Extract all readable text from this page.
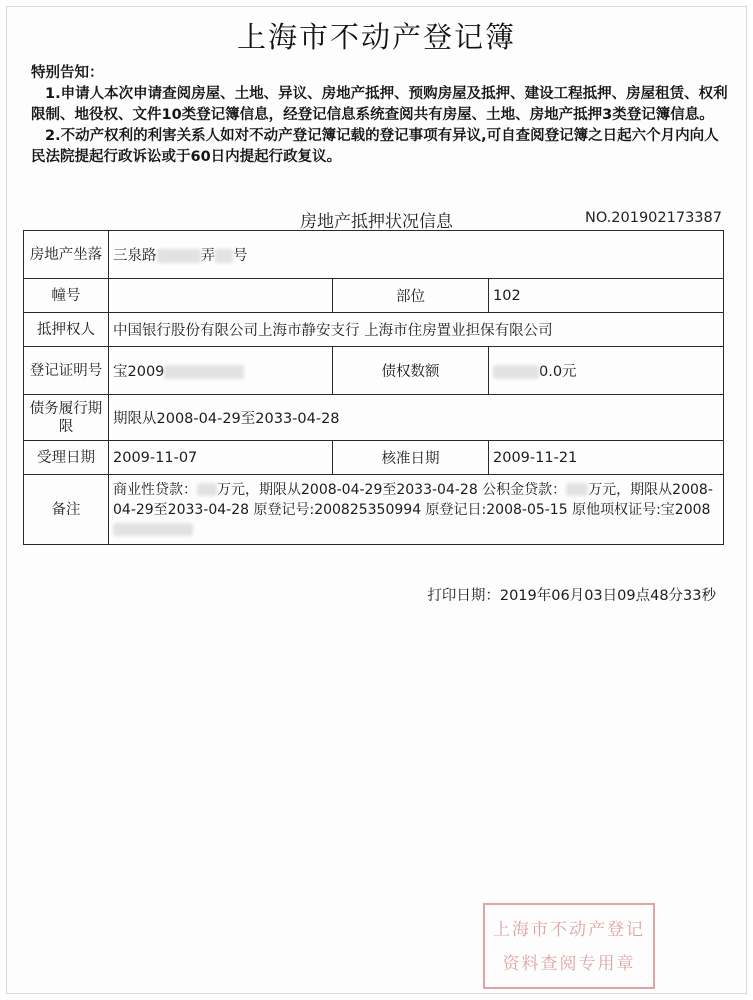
上海市不动产登记簿
特别告知：
1.申请人本次申请查阅房屋、土地、异议、房地产抵押、预购房屋及抵押、建设工程抵押、房屋租赁、权利限制、地役权、文件10类登记簿信息，经登记信息系统查阅共有房屋、土地、房地产抵押3类登记簿信息。
2.不动产权利的利害关系人如对不动产登记簿记载的登记事项有异议,可自查阅登记簿之日起六个月内向人民法院提起行政诉讼或于60日内提起行政复议。
房地产抵押状况信息	NO.201902173387
房地产坐落	三泉路 弄 号		
幢号		部位	102
抵押权人	中国银行股份有限公司上海市静安支行 上海市住房置业担保有限公司		
登记证明号	宝2009	债权数额	0.0元
债务履行期限	期限从2008-04-29至2033-04-28		
受理日期	2009-11-07	核准日期	2009-11-21
备注	商业性贷款： 万元，期限从2008-04-29至2033-04-28 公积金贷款： 万元，期限从2008-04-29至2033-04-28 原登记号:200825350994 原登记日:2008-05-15 原他项权证号:宝2008		
打印日期：2019年06月03日09点48分33秒
上海市不动产登记
资料查阅专用章
